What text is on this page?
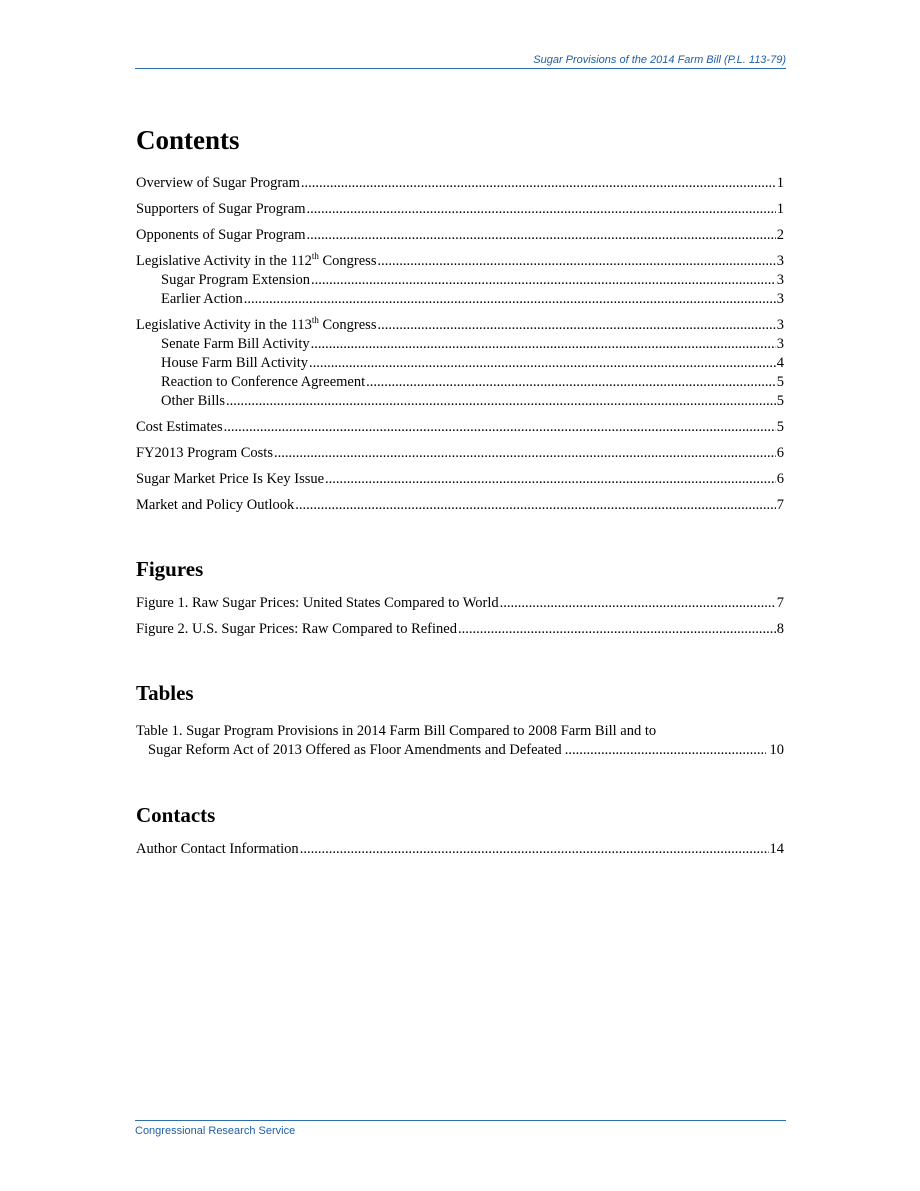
Sugar Provisions of the 2014 Farm Bill (P.L. 113-79)
Contents
Overview of Sugar Program .....	1
Supporters of Sugar Program .....	1
Opponents of Sugar Program .....	2
Legislative Activity in the 112th Congress .....	3
Sugar Program Extension .....	3
Earlier Action .....	3
Legislative Activity in the 113th Congress .....	3
Senate Farm Bill Activity .....	3
House Farm Bill Activity .....	4
Reaction to Conference Agreement .....	5
Other Bills .....	5
Cost Estimates .....	5
FY2013 Program Costs .....	6
Sugar Market Price Is Key Issue .....	6
Market and Policy Outlook .....	7
Figures
Figure 1. Raw Sugar Prices: United States Compared to World .....	7
Figure 2. U.S. Sugar Prices: Raw Compared to Refined .....	8
Tables
Table 1. Sugar Program Provisions in 2014 Farm Bill Compared to 2008 Farm Bill and to
Sugar Reform Act of 2013 Offered as Floor Amendments and Defeated .....	10
Contacts
Author Contact Information .....	14
Congressional Research Service
